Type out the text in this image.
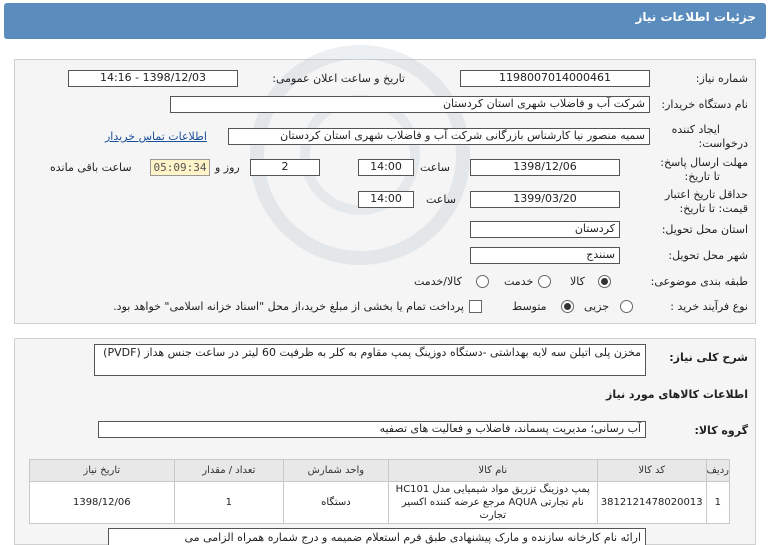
جزئیات اطلاعات نیاز
شماره نیاز:
1198007014000461
تاریخ و ساعت اعلان عمومی:
1398/12/03 - 14:16
نام دستگاه خریدار:
شرکت آب و فاضلاب شهری استان کردستان
ایجاد کننده
درخواست:
سمیه منصور نیا کارشناس بازرگانی شرکت آب و فاضلاب شهری استان کردستان
اطلاعات تماس خریدار
مهلت ارسال پاسخ:
تا تاریخ:
1398/12/06
ساعت
14:00
2
روز و
05:09:34
ساعت باقی مانده
حداقل تاریخ اعتبار
قیمت: تا تاریخ:
1399/03/20
ساعت
14:00
استان محل تحویل:
کردستان
شهر محل تحویل:
سنندج
طبقه بندی موضوعی:
کالا
خدمت
کالا/خدمت
نوع فرآیند خرید :
جزیی
متوسط
پرداخت تمام یا بخشی از مبلغ خرید،از محل "اسناد خزانه اسلامی" خواهد بود.
شرح کلی نیاز:
مخزن پلی اتیلن سه لایه بهداشتی -دستگاه دوزینگ پمپ مقاوم به کلر به ظرفیت 60 لیتر در ساعت جنس هداز (PVDF)
اطلاعات کالاهای مورد نیاز
گروه کالا:
آب رسانی؛ مدیریت پسماند، فاضلاب و فعالیت های تصفیه
ردیف	کد کالا	نام کالا	واحد شمارش	تعداد / مقدار	تاریخ نیاز
1	3812121478020013	پمپ دوزینگ تزریق مواد شیمیایی مدل HC101 نام تجارتی AQUA مرجع عرضه کننده اکسیر تجارت	دستگاه	1	1398/12/06
ارائه نام کارخانه سازنده و مارک پیشنهادی طبق فرم استعلام ضمیمه و درج شماره همراه الزامی می
